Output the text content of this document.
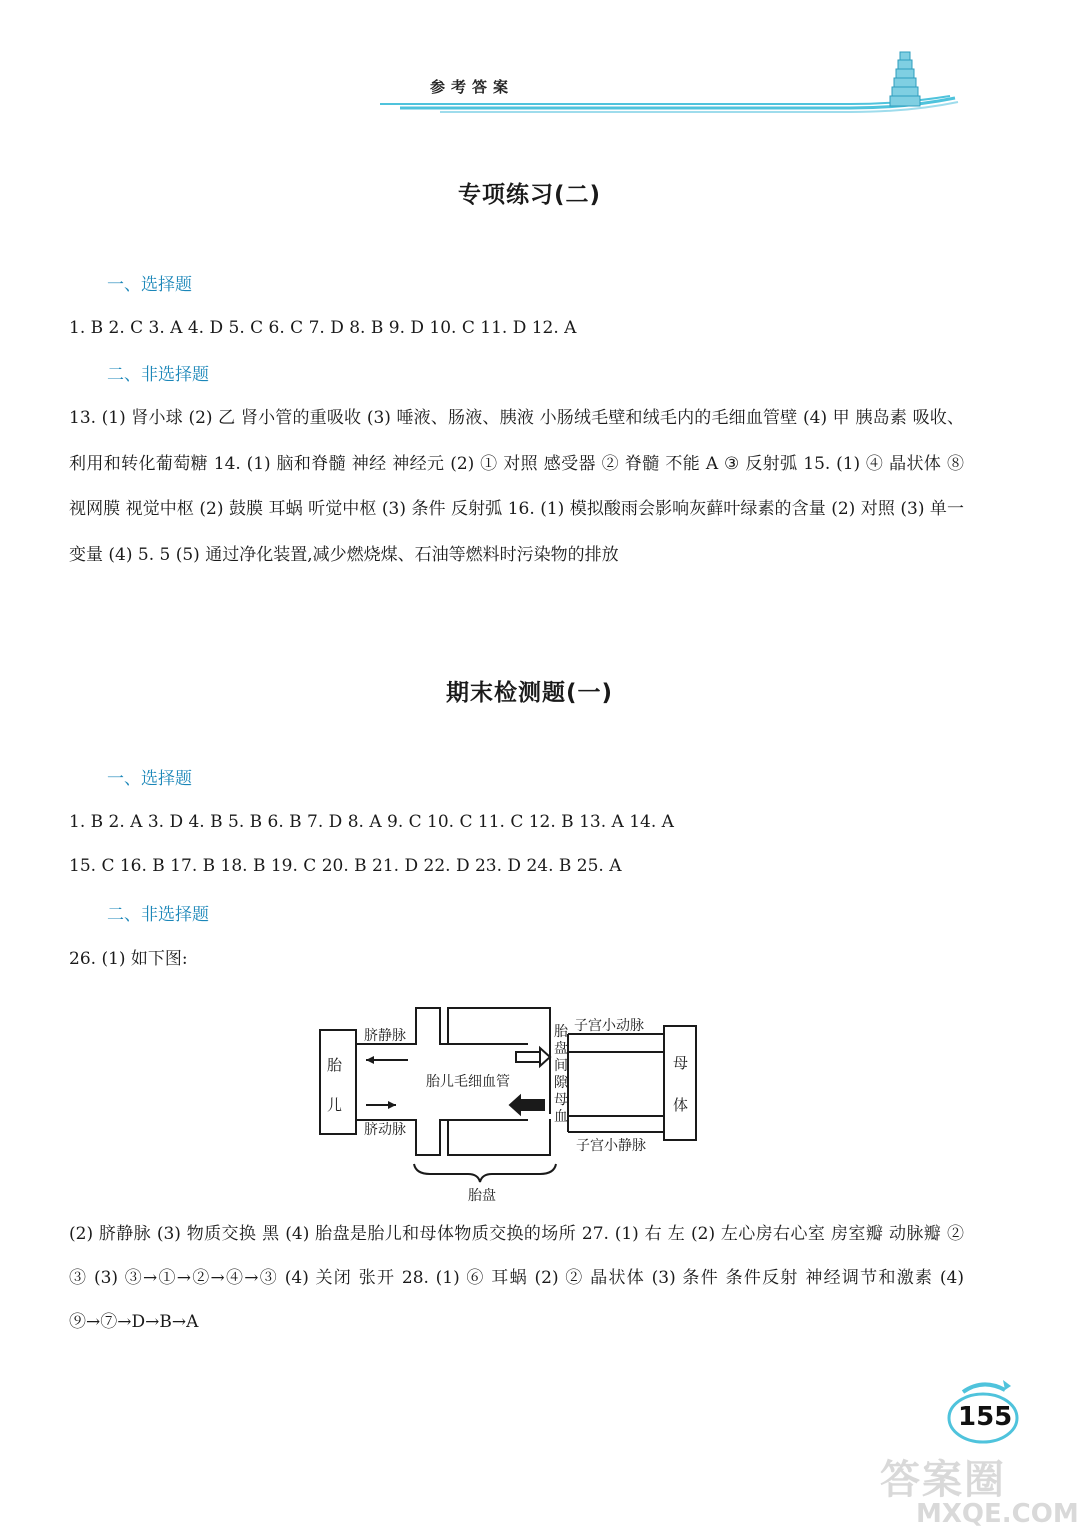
参考答案
专项练习(二)
一、选择题
1. B 2. C 3. A 4. D 5. C 6. C 7. D 8. B 9. D 10. C 11. D 12. A
二、非选择题
13. (1) 肾小球 (2) 乙 肾小管的重吸收 (3) 唾液、肠液、胰液 小肠绒毛壁和绒毛内的毛细血管壁 (4) 甲 胰岛素 吸收、利用和转化葡萄糖 14. (1) 脑和脊髓 神经 神经元 (2) ① 对照 感受器 ② 脊髓 不能 A ③ 反射弧 15. (1) ④ 晶状体 ⑧ 视网膜 视觉中枢 (2) 鼓膜 耳蜗 听觉中枢 (3) 条件 反射弧 16. (1) 模拟酸雨会影响灰藓叶绿素的含量 (2) 对照 (3) 单一变量 (4) 5. 5 (5) 通过净化装置,减少燃烧煤、石油等燃料时污染物的排放
期末检测题(一)
一、选择题
1. B 2. A 3. D 4. B 5. B 6. B 7. D 8. A 9. C 10. C 11. C 12. B 13. A 14. A
15. C 16. B 17. B 18. B 19. C 20. B 21. D 22. D 23. D 24. B 25. A
二、非选择题
26. (1) 如下图:
胎
儿
母
体
脐静脉
脐动脉
胎儿毛细血管
胎
盘
间
隙
母
血
子宫小动脉
子宫小静脉
胎盘
(2) 脐静脉 (3) 物质交换 黑 (4) 胎盘是胎儿和母体物质交换的场所 27. (1) 右 左 (2) 左心房右心室 房室瓣 动脉瓣 ② ③ (3) ③→①→②→④→③ (4) 关闭 张开 28. (1) ⑥ 耳蜗 (2) ② 晶状体 (3) 条件 条件反射 神经调节和激素 (4) ⑨→⑦→D→B→A
155
答案圈
MXQE.COM
